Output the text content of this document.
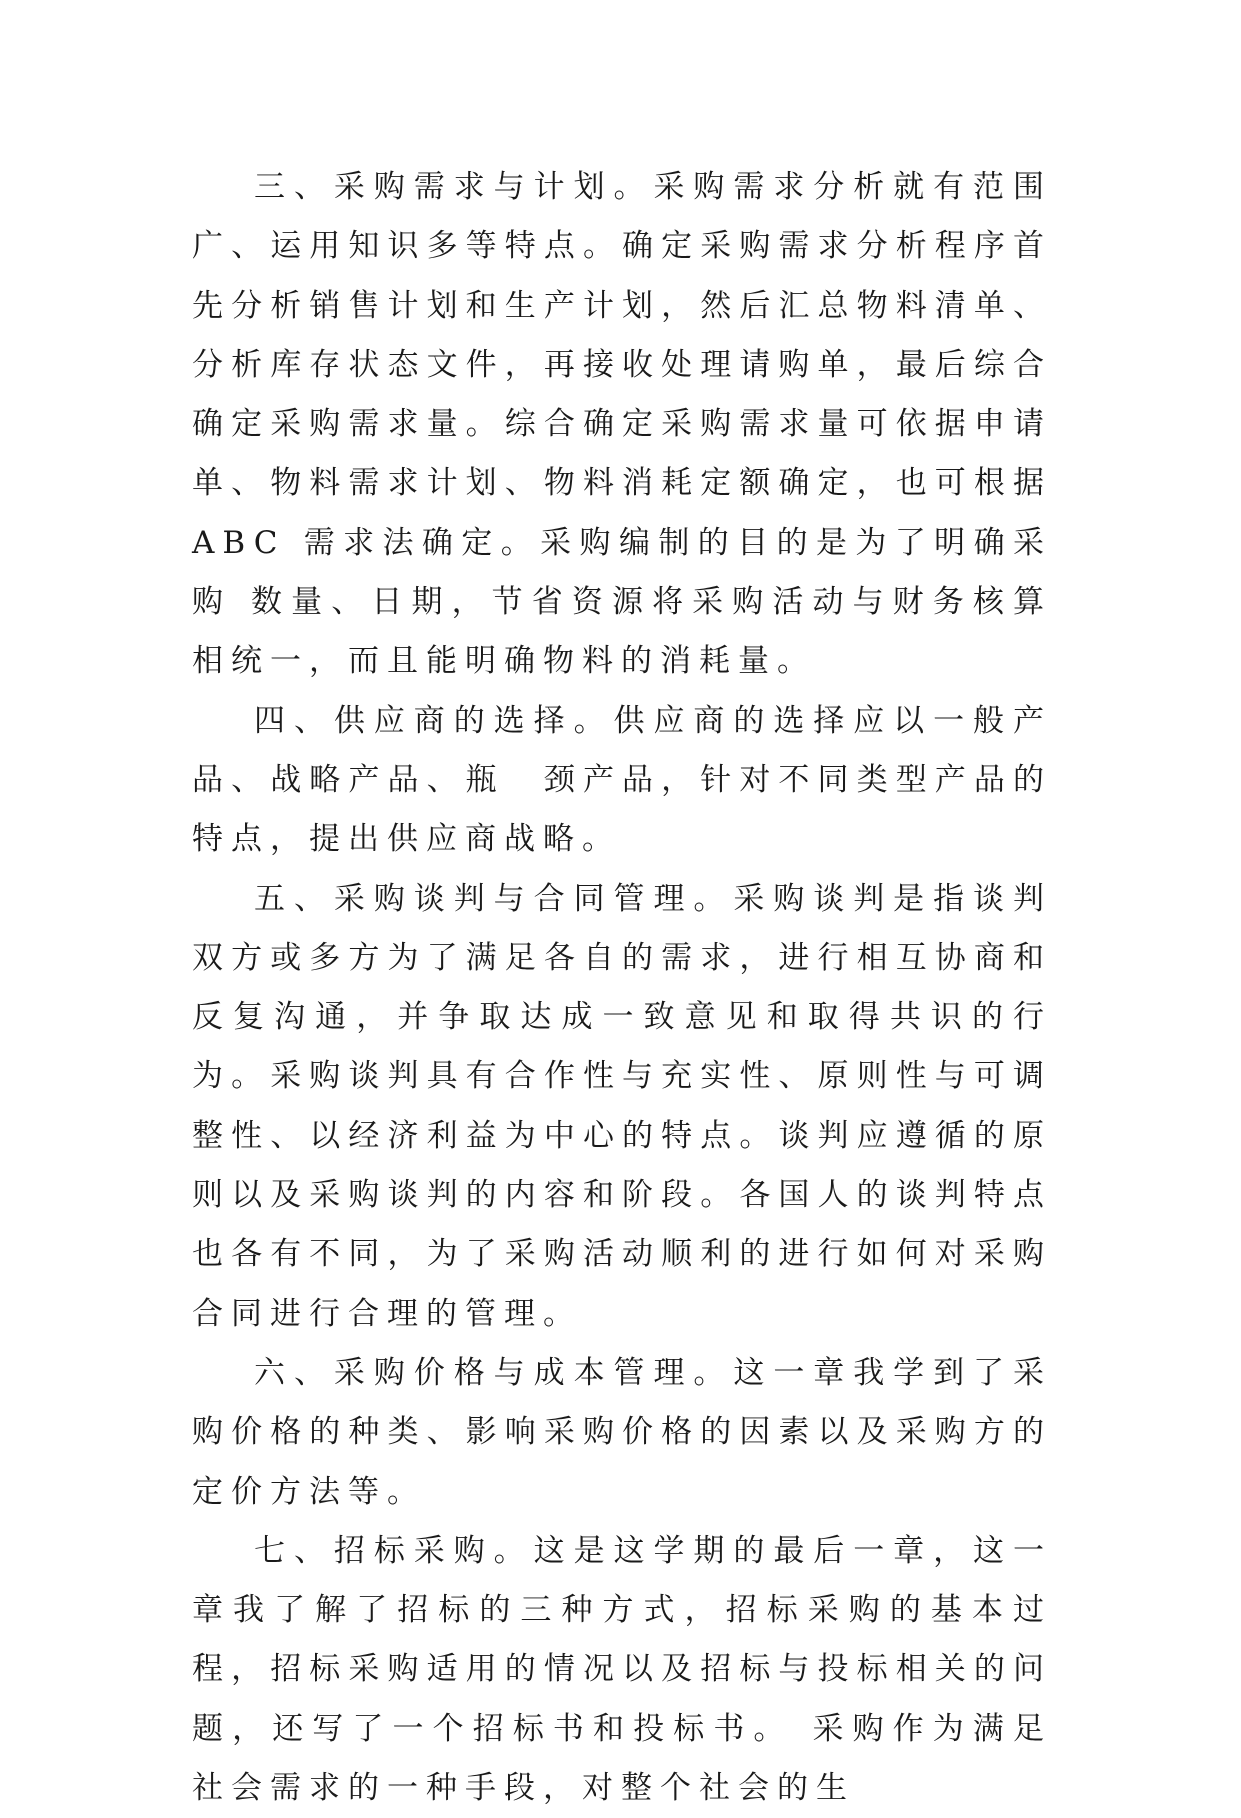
三、采购需求与计划。采购需求分析就有范围广、运用知识多等特点。确定采购需求分析程序首先分析销售计划和生产计划，然后汇总物料清单、分析库存状态文件，再接收处理请购单，最后综合确定采购需求量。综合确定采购需求量可依据申请单、物料需求计划、物料消耗定额确定，也可根据 ABC 需求法确定。采购编制的目的是为了明确采购 数量、日期，节省资源将采购活动与财务核算相统一，而且能明确物料的消耗量。

四、供应商的选择。供应商的选择应以一般产品、战略产品、瓶　颈产品，针对不同类型产品的特点，提出供应商战略。

五、采购谈判与合同管理。采购谈判是指谈判双方或多方为了满足各自的需求，进行相互协商和反复沟通，并争取达成一致意见和取得共识的行为。采购谈判具有合作性与充实性、原则性与可调整性、以经济利益为中心的特点。谈判应遵循的原则以及采购谈判的内容和阶段。各国人的谈判特点也各有不同，为了采购活动顺利的进行如何对采购合同进行合理的管理。

六、采购价格与成本管理。这一章我学到了采购价格的种类、影响采购价格的因素以及采购方的定价方法等。

七、招标采购。这是这学期的最后一章，这一章我了解了招标的三种方式，招标采购的基本过程，招标采购适用的情况以及招标与投标相关的问题，还写了一个招标书和投标书。 采购作为满足社会需求的一种手段，对整个社会的生
